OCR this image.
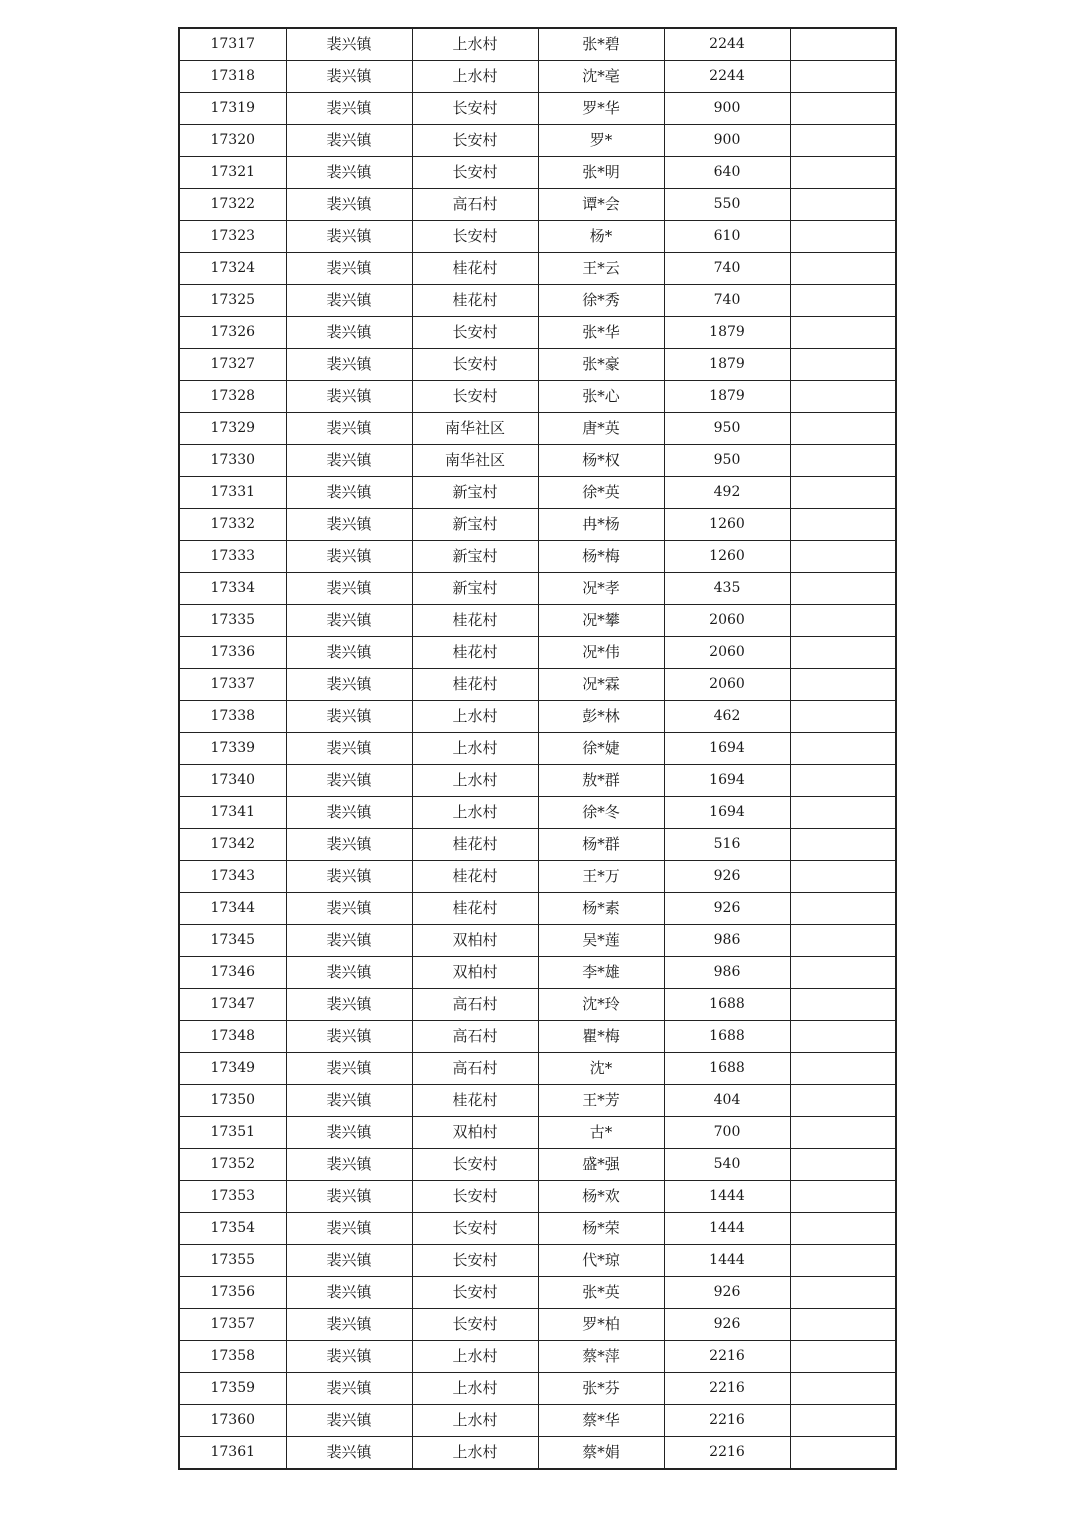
17317	裴兴镇	上水村	张*碧	2244	
17318	裴兴镇	上水村	沈*亳	2244	
17319	裴兴镇	长安村	罗*华	900	
17320	裴兴镇	长安村	罗*	900	
17321	裴兴镇	长安村	张*明	640	
17322	裴兴镇	高石村	谭*会	550	
17323	裴兴镇	长安村	杨*	610	
17324	裴兴镇	桂花村	王*云	740	
17325	裴兴镇	桂花村	徐*秀	740	
17326	裴兴镇	长安村	张*华	1879	
17327	裴兴镇	长安村	张*豪	1879	
17328	裴兴镇	长安村	张*心	1879	
17329	裴兴镇	南华社区	唐*英	950	
17330	裴兴镇	南华社区	杨*权	950	
17331	裴兴镇	新宝村	徐*英	492	
17332	裴兴镇	新宝村	冉*杨	1260	
17333	裴兴镇	新宝村	杨*梅	1260	
17334	裴兴镇	新宝村	况*孝	435	
17335	裴兴镇	桂花村	况*攀	2060	
17336	裴兴镇	桂花村	况*伟	2060	
17337	裴兴镇	桂花村	况*霖	2060	
17338	裴兴镇	上水村	彭*林	462	
17339	裴兴镇	上水村	徐*婕	1694	
17340	裴兴镇	上水村	敖*群	1694	
17341	裴兴镇	上水村	徐*冬	1694	
17342	裴兴镇	桂花村	杨*群	516	
17343	裴兴镇	桂花村	王*万	926	
17344	裴兴镇	桂花村	杨*素	926	
17345	裴兴镇	双柏村	吴*莲	986	
17346	裴兴镇	双柏村	李*雄	986	
17347	裴兴镇	高石村	沈*玲	1688	
17348	裴兴镇	高石村	瞿*梅	1688	
17349	裴兴镇	高石村	沈*	1688	
17350	裴兴镇	桂花村	王*芳	404	
17351	裴兴镇	双柏村	古*	700	
17352	裴兴镇	长安村	盛*强	540	
17353	裴兴镇	长安村	杨*欢	1444	
17354	裴兴镇	长安村	杨*荣	1444	
17355	裴兴镇	长安村	代*琼	1444	
17356	裴兴镇	长安村	张*英	926	
17357	裴兴镇	长安村	罗*柏	926	
17358	裴兴镇	上水村	蔡*萍	2216	
17359	裴兴镇	上水村	张*芬	2216	
17360	裴兴镇	上水村	蔡*华	2216	
17361	裴兴镇	上水村	蔡*娟	2216	
